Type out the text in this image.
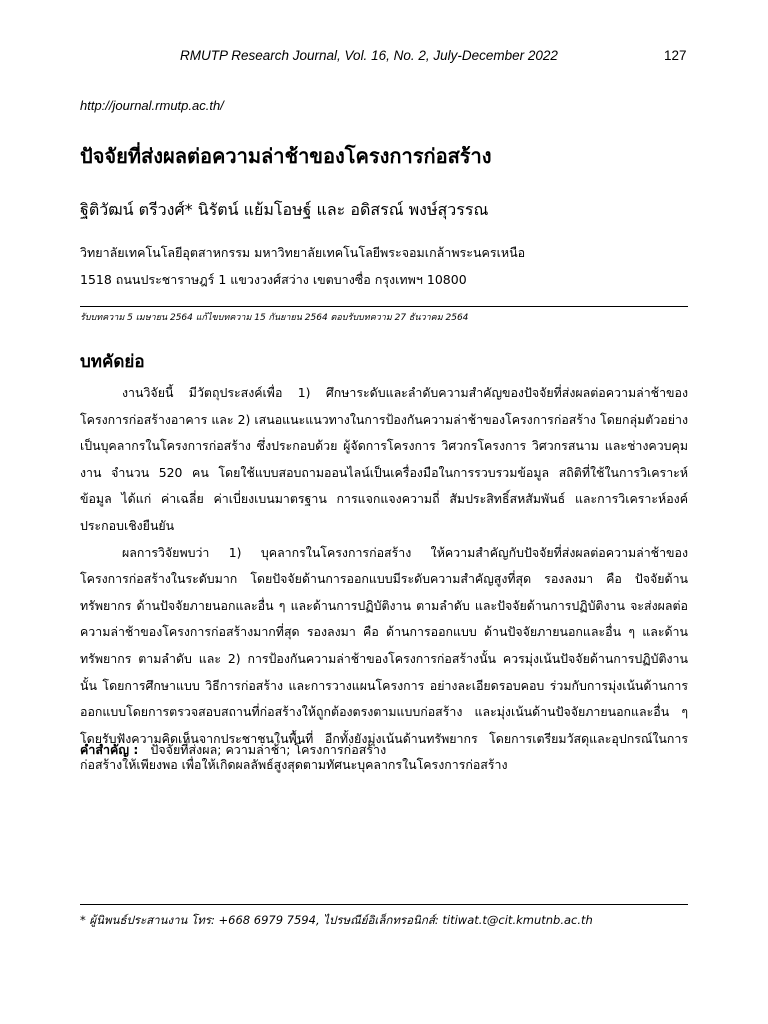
RMUTP Research Journal, Vol. 16, No. 2, July-December 2022	127
http://journal.rmutp.ac.th/
ปัจจัยที่ส่งผลต่อความล่าช้าของโครงการก่อสร้าง
ฐิติวัฒน์ ตรีวงศ์* นิรัตน์ แย้มโอษฐ์ และ อดิสรณ์ พงษ์สุวรรณ
วิทยาลัยเทคโนโลยีอุตสาหกรรม มหาวิทยาลัยเทคโนโลยีพระจอมเกล้าพระนครเหนือ
1518 ถนนประชาราษฎร์ 1 แขวงวงศ์สว่าง เขตบางซื่อ กรุงเทพฯ 10800
รับบทความ 5 เมษายน 2564 แก้ไขบทความ 15 กันยายน 2564 ตอบรับบทความ 27 ธันวาคม 2564
บทคัดย่อ

งานวิจัยนี้ มีวัตถุประสงค์เพื่อ 1) ศึกษาระดับและลำดับความสำคัญของปัจจัยที่ส่งผลต่อความล่าช้าของโครงการก่อสร้างอาคาร และ 2) เสนอแนะแนวทางในการป้องกันความล่าช้าของโครงการก่อสร้าง โดยกลุ่มตัวอย่างเป็นบุคลากรในโครงการก่อสร้าง ซึ่งประกอบด้วย ผู้จัดการโครงการ วิศวกรโครงการ วิศวกรสนาม และช่างควบคุมงาน จำนวน 520 คน โดยใช้แบบสอบถามออนไลน์เป็นเครื่องมือในการรวบรวมข้อมูล สถิติที่ใช้ในการวิเคราะห์ข้อมูล ได้แก่ ค่าเฉลี่ย ค่าเบี่ยงเบนมาตรฐาน การแจกแจงความถี่ สัมประสิทธิ์สหสัมพันธ์ และการวิเคราะห์องค์ประกอบเชิงยืนยัน

ผลการวิจัยพบว่า 1) บุคลากรในโครงการก่อสร้าง ให้ความสำคัญกับปัจจัยที่ส่งผลต่อความล่าช้าของโครงการก่อสร้างในระดับมาก โดยปัจจัยด้านการออกแบบมีระดับความสำคัญสูงที่สุด รองลงมา คือ ปัจจัยด้านทรัพยากร ด้านปัจจัยภายนอกและอื่น ๆ และด้านการปฏิบัติงาน ตามลำดับ และปัจจัยด้านการปฏิบัติงาน จะส่งผลต่อความล่าช้าของโครงการก่อสร้างมากที่สุด รองลงมา คือ ด้านการออกแบบ ด้านปัจจัยภายนอกและอื่น ๆ และด้านทรัพยากร ตามลำดับ และ 2) การป้องกันความล่าช้าของโครงการก่อสร้างนั้น ควรมุ่งเน้นปัจจัยด้านการปฏิบัติงานนั้น โดยการศึกษาแบบ วิธีการก่อสร้าง และการวางแผนโครงการ อย่างละเอียดรอบคอบ ร่วมกับการมุ่งเน้นด้านการออกแบบโดยการตรวจสอบสถานที่ก่อสร้างให้ถูกต้องตรงตามแบบก่อสร้าง และมุ่งเน้นด้านปัจจัยภายนอกและอื่น ๆ โดยรับฟังความคิดเห็นจากประชาชนในพื้นที่ อีกทั้งยังมุ่งเน้นด้านทรัพยากร โดยการเตรียมวัสดุและอุปกรณ์ในการก่อสร้างให้เพียงพอ เพื่อให้เกิดผลลัพธ์สูงสุดตามทัศนะบุคลากรในโครงการก่อสร้าง

คำสำคัญ : ปัจจัยที่ส่งผล; ความล่าช้า; โครงการก่อสร้าง
* ผู้นิพนธ์ประสานงาน โทร: +668 6979 7594, ไปรษณีย์อิเล็กทรอนิกส์: titiwat.t@cit.kmutnb.ac.th
